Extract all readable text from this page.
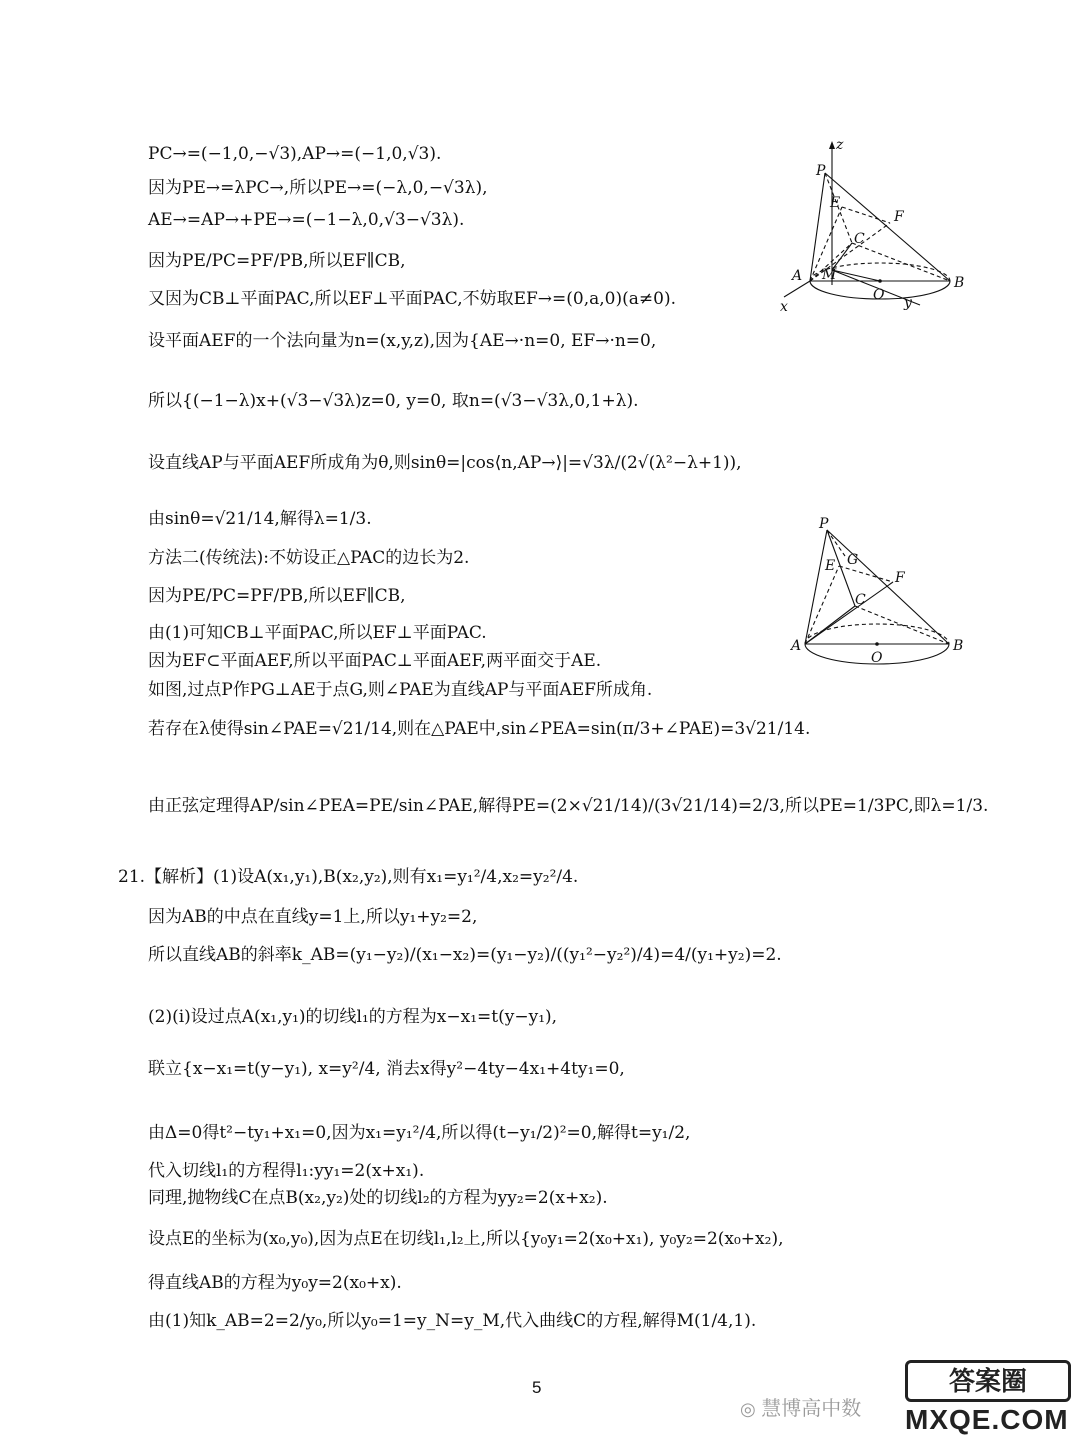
PC→=(−1,0,−√3),AP→=(−1,0,√3).
因为PE→=λPC→,所以PE→=(−λ,0,−√3λ),
AE→=AP→+PE→=(−1−λ,0,√3−√3λ).
因为PE/PC=PF/PB,所以EF∥CB,
又因为CB⊥平面PAC,所以EF⊥平面PAC,不妨取EF→=(0,a,0)(a≠0).
设平面AEF的一个法向量为n=(x,y,z),因为{AE→·n=0, EF→·n=0,
所以{(−1−λ)x+(√3−√3λ)z=0, y=0, 取n=(√3−√3λ,0,1+λ).
设直线AP与平面AEF所成角为θ,则sinθ=|cos⟨n,AP→⟩|=√3λ/(2√(λ²−λ+1)),
由sinθ=√21/14,解得λ=1/3.
方法二(传统法):不妨设正△PAC的边长为2.
因为PE/PC=PF/PB,所以EF∥CB,
由(1)可知CB⊥平面PAC,所以EF⊥平面PAC.
因为EF⊂平面AEF,所以平面PAC⊥平面AEF,两平面交于AE.
如图,过点P作PG⊥AE于点G,则∠PAE为直线AP与平面AEF所成角.
若存在λ使得sin∠PAE=√21/14,则在△PAE中,sin∠PEA=sin(π/3+∠PAE)=3√21/14.
由正弦定理得AP/sin∠PEA=PE/sin∠PAE,解得PE=(2×√21/14)/(3√21/14)=2/3,所以PE=1/3PC,即λ=1/3.
21.【解析】(1)设A(x₁,y₁),B(x₂,y₂),则有x₁=y₁²/4,x₂=y₂²/4.
因为AB的中点在直线y=1上,所以y₁+y₂=2,
所以直线AB的斜率k_AB=(y₁−y₂)/(x₁−x₂)=(y₁−y₂)/((y₁²−y₂²)/4)=4/(y₁+y₂)=2.
(2)(i)设过点A(x₁,y₁)的切线l₁的方程为x−x₁=t(y−y₁),
联立{x−x₁=t(y−y₁), x=y²/4, 消去x得y²−4ty−4x₁+4ty₁=0,
由Δ=0得t²−ty₁+x₁=0,因为x₁=y₁²/4,所以得(t−y₁/2)²=0,解得t=y₁/2,
代入切线l₁的方程得l₁:yy₁=2(x+x₁).
同理,抛物线C在点B(x₂,y₂)处的切线l₂的方程为yy₂=2(x+x₂).
设点E的坐标为(x₀,y₀),因为点E在切线l₁,l₂上,所以{y₀y₁=2(x₀+x₁), y₀y₂=2(x₀+x₂),
得直线AB的方程为y₀y=2(x₀+x).
由(1)知k_AB=2=2/y₀,所以y₀=1=y_N=y_M,代入曲线C的方程,解得M(1/4,1).
z
P
E
F
C
A M
O
B
x	y
P
G
E
F
C
A
O
B
5
◎ 慧博高中数
答案圈
MXQE.COM
